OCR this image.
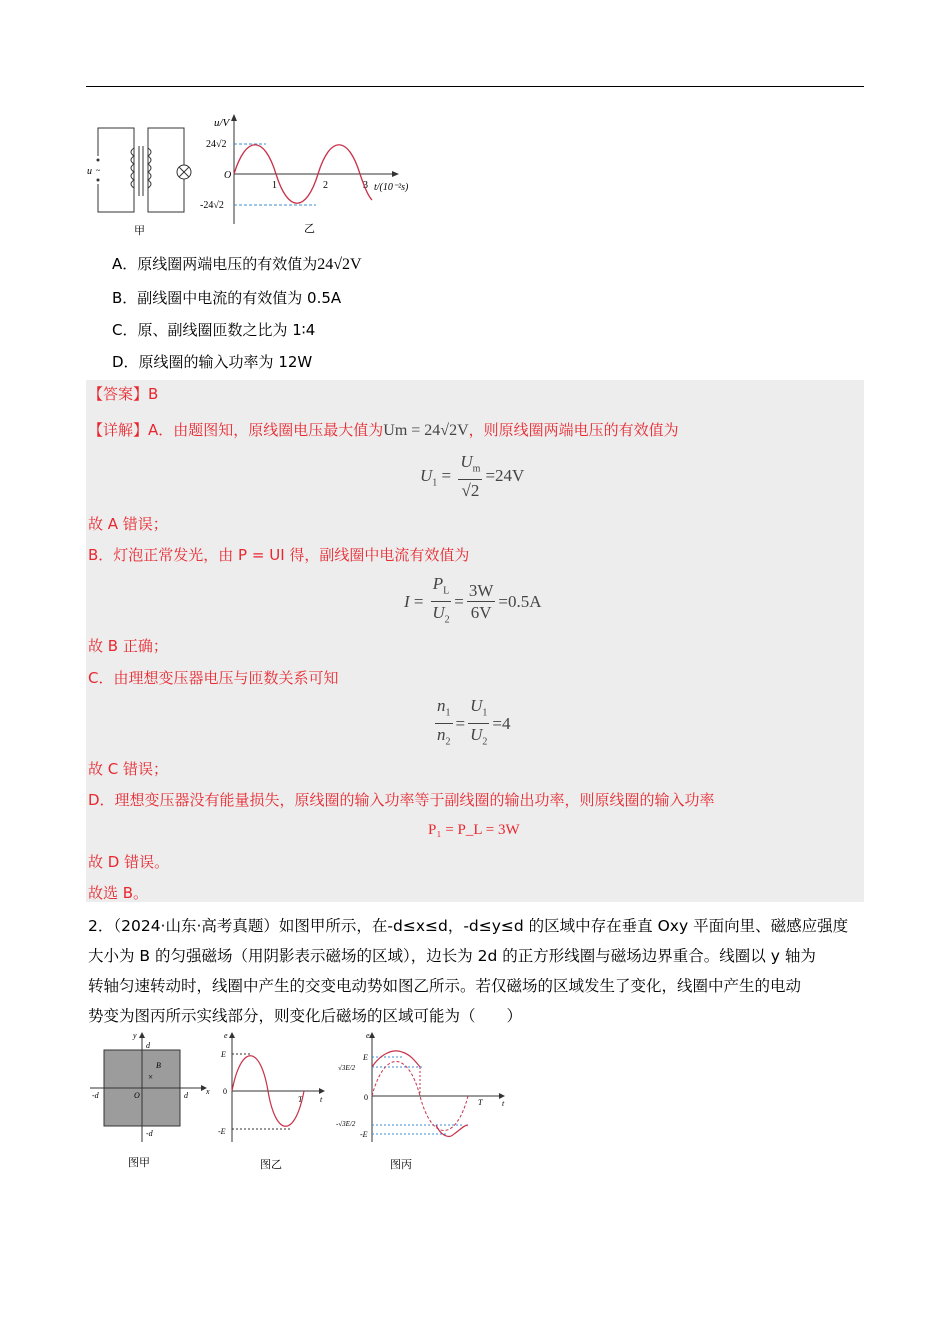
~
u
甲
u/V
24√2
-24√2
O
1	2	3 t/(10⁻²s)
乙
A．原线圈两端电压的有效值为24√2V
B．副线圈中电流的有效值为 0.5A
C．原、副线圈匝数之比为 1∶4
D．原线圈的输入功率为 12W
【答案】B
【详解】A．由题图知，原线圈电压最大值为Um = 24√2V，则原线圈两端电压的有效值为
$U_1 = \frac{U_m}{√2} =24V$
故 A 错误；
B．灯泡正常发光，由 P = UI 得，副线圈中电流有效值为
$I = \frac{P_L}{U_2} = \frac{3W}{6V} =0.5A$
故 B 正确；
C．由理想变压器电压与匝数关系可知
$\frac{n_1}{n_2} = \frac{U_1}{U_2} =4$
故 C 错误；
D．理想变压器没有能量损失，原线圈的输入功率等于副线圈的输出功率，则原线圈的输入功率
P₁ = P_L = 3W
故 D 错误。
故选 B。
2．（2024·山东·高考真题）如图甲所示，在-d≤x≤d，-d≤y≤d 的区域中存在垂直 Oxy 平面向里、磁感应强度
大小为 B 的匀强磁场（用阴影表示磁场的区域），边长为 2d 的正方形线圈与磁场边界重合。线圈以 y 轴为
转轴匀速转动时，线圈中产生的交变电动势如图乙所示。若仅磁场的区域发生了变化，线圈中产生的电动
势变为图丙所示实线部分，则变化后磁场的区域可能为（　　）
x
y
d
d
-d
-d
O
B
×
图甲
e
E
-E
0
t
T
图乙
e
E
√3E/2
0
-√3E/2
-E
T t
图丙
